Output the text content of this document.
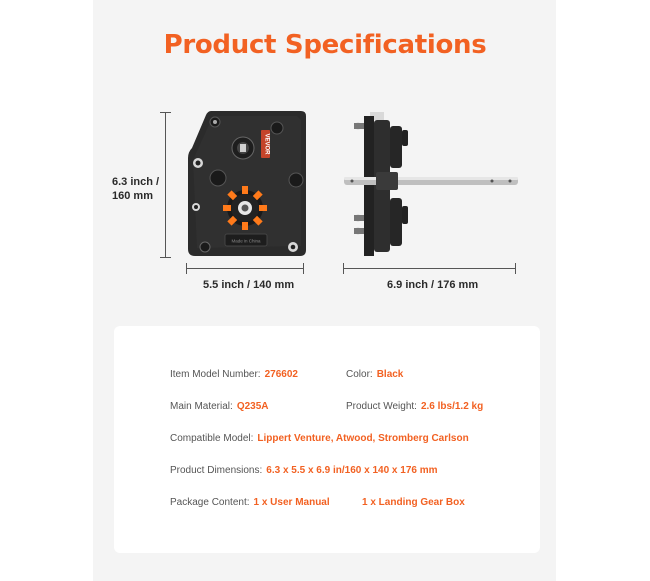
Product Specifications
6.3 inch /
160 mm
VEVOR
Made in China
5.5 inch / 140 mm	6.9 inch / 176 mm
Item Model Number: 276602	Color: Black
Main Material: Q235A	Product Weight: 2.6 lbs/1.2 kg
Compatible Model: Lippert Venture, Atwood, Stromberg Carlson
Product Dimensions: 6.3 x 5.5 x 6.9 in/160 x 140 x 176 mm
Package Content: 1 x User Manual	1 x Landing Gear Box
